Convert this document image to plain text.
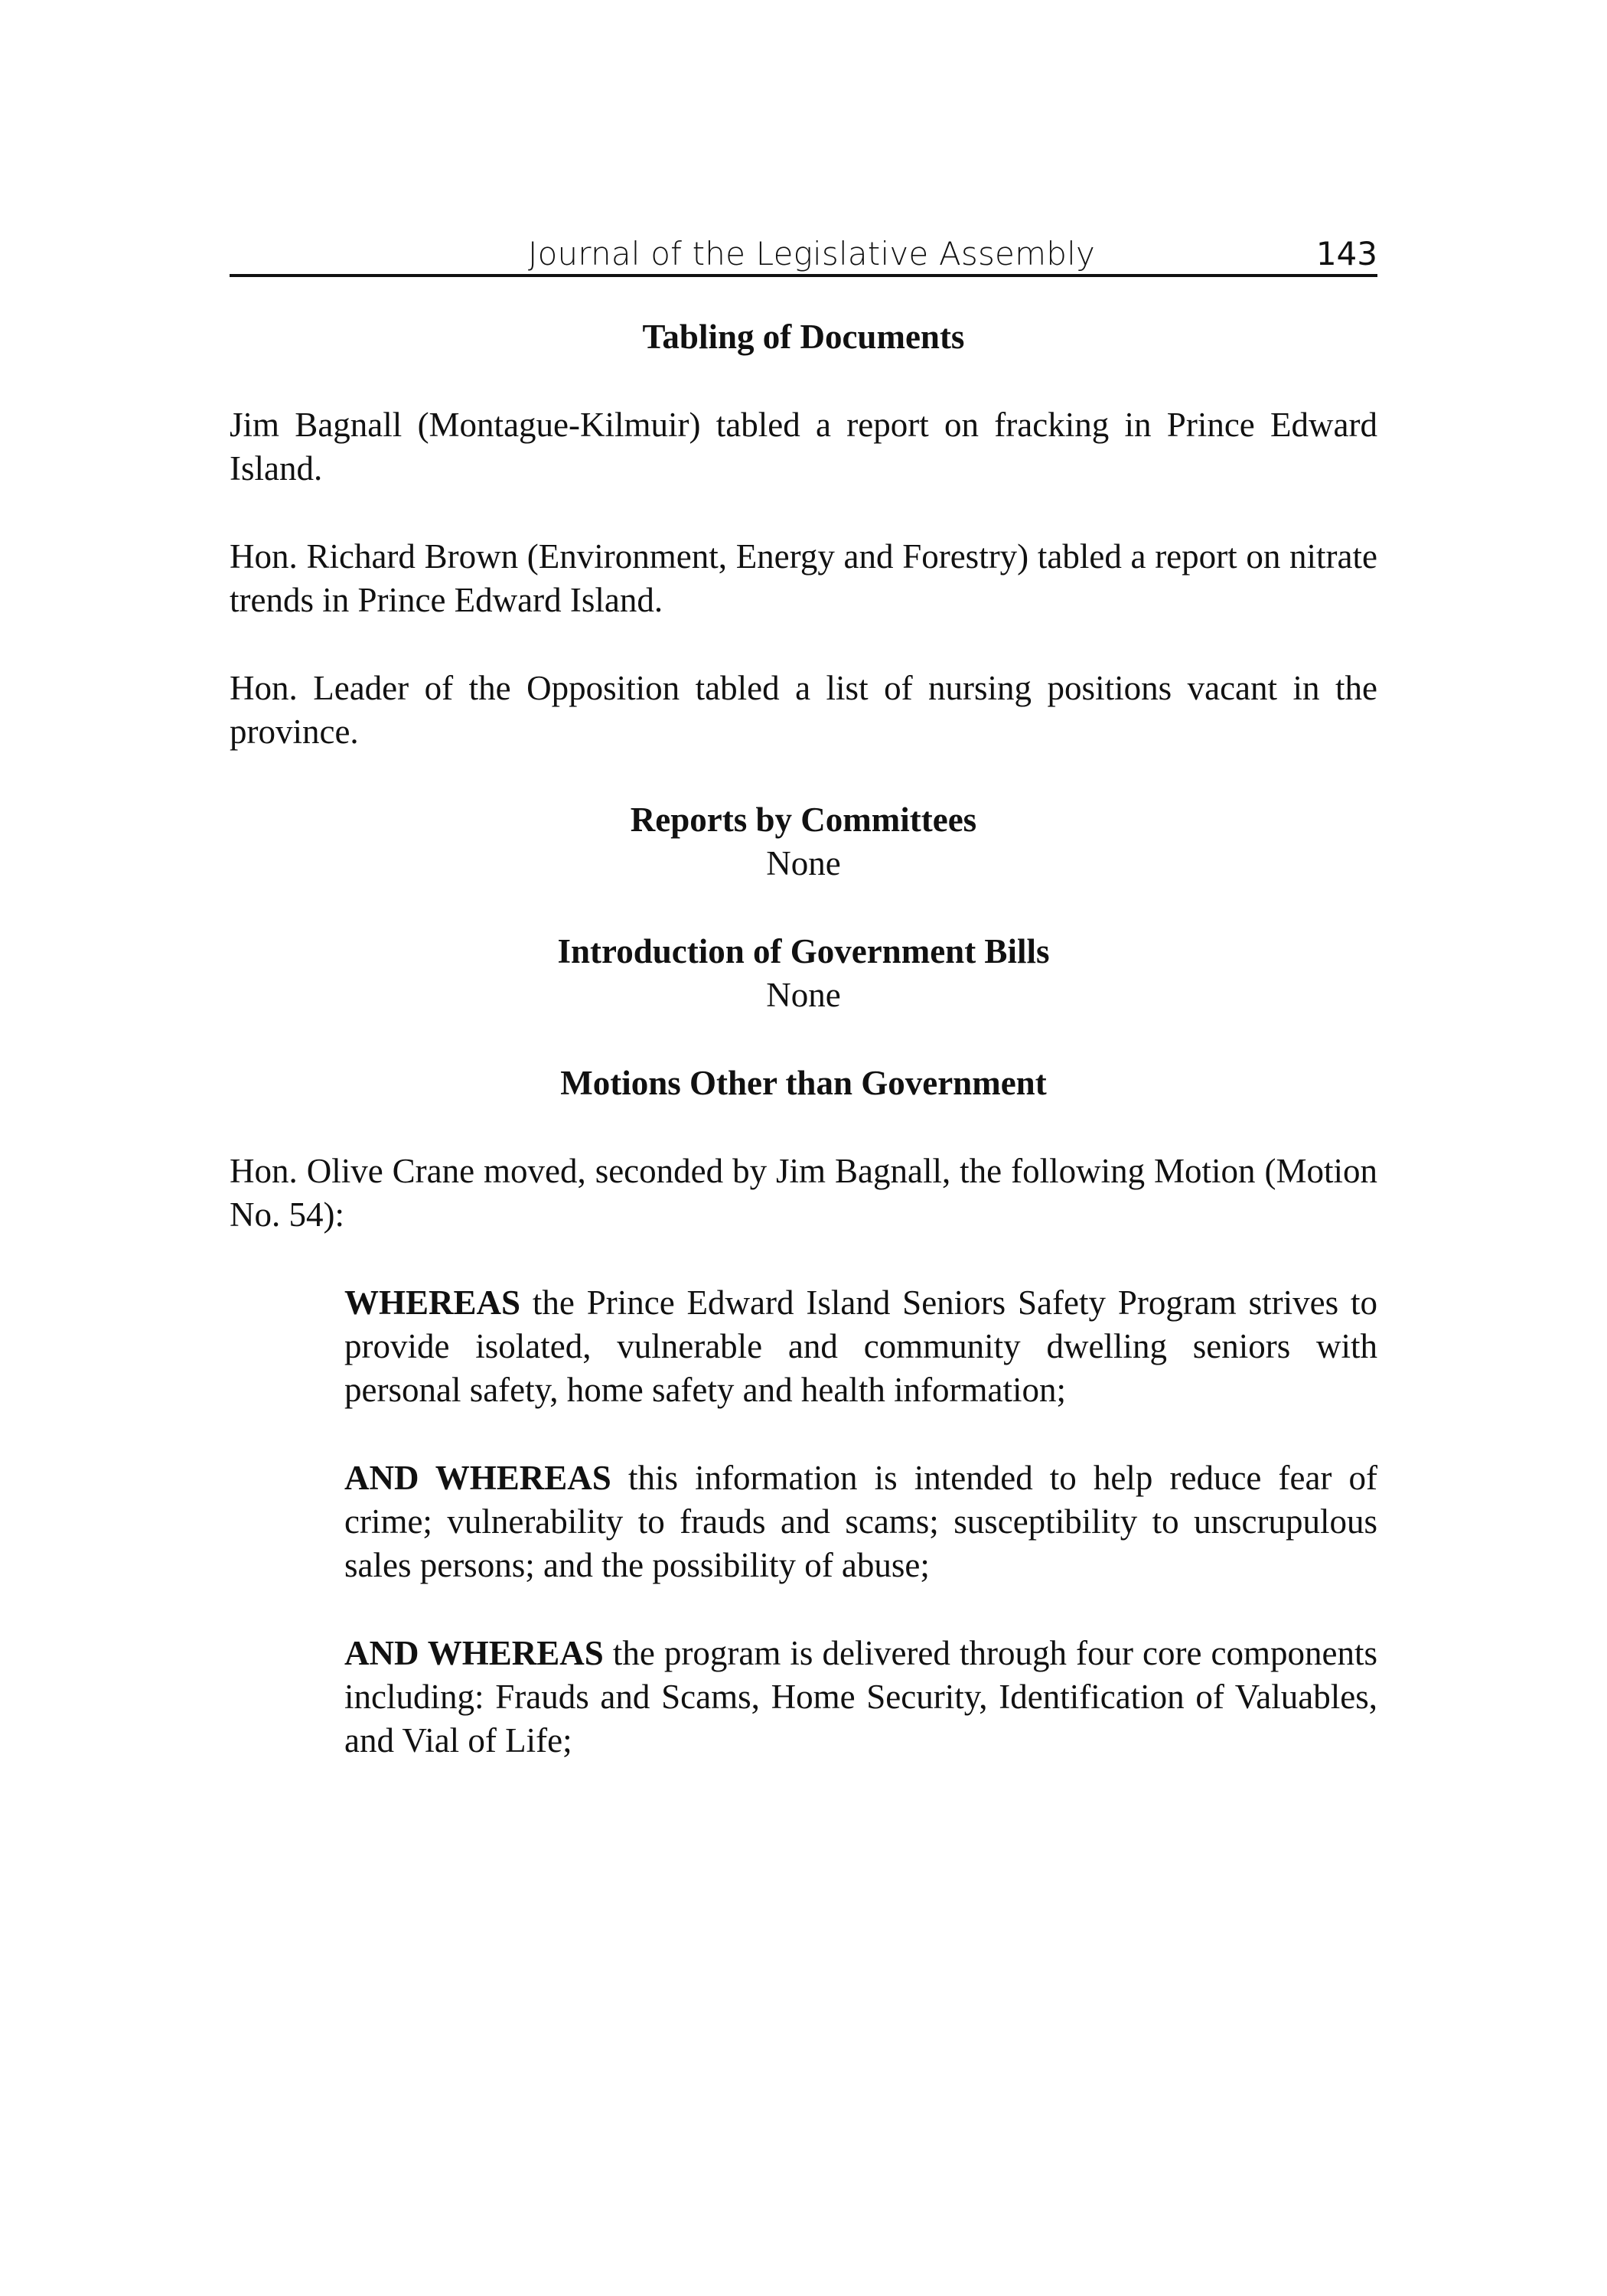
Journal of the Legislative Assembly	143
Tabling of Documents

Jim Bagnall (Montague-Kilmuir) tabled a report on fracking in Prince Edward Island.

Hon. Richard Brown (Environment, Energy and Forestry) tabled a report on nitrate trends in Prince Edward Island.

Hon. Leader of the Opposition tabled a list of nursing positions vacant in the province.

Reports by Committees

None

Introduction of Government Bills

None

Motions Other than Government

Hon. Olive Crane moved, seconded by Jim Bagnall, the following Motion (Motion No. 54):

WHEREAS the Prince Edward Island Seniors Safety Program strives to provide isolated, vulnerable and community dwelling seniors with personal safety, home safety and health information;

AND WHEREAS this information is intended to help reduce fear of crime; vulnerability to frauds and scams; susceptibility to unscrupulous sales persons; and the possibility of abuse;

AND WHEREAS the program is delivered through four core components including: Frauds and Scams, Home Security, Identification of Valuables, and Vial of Life;
